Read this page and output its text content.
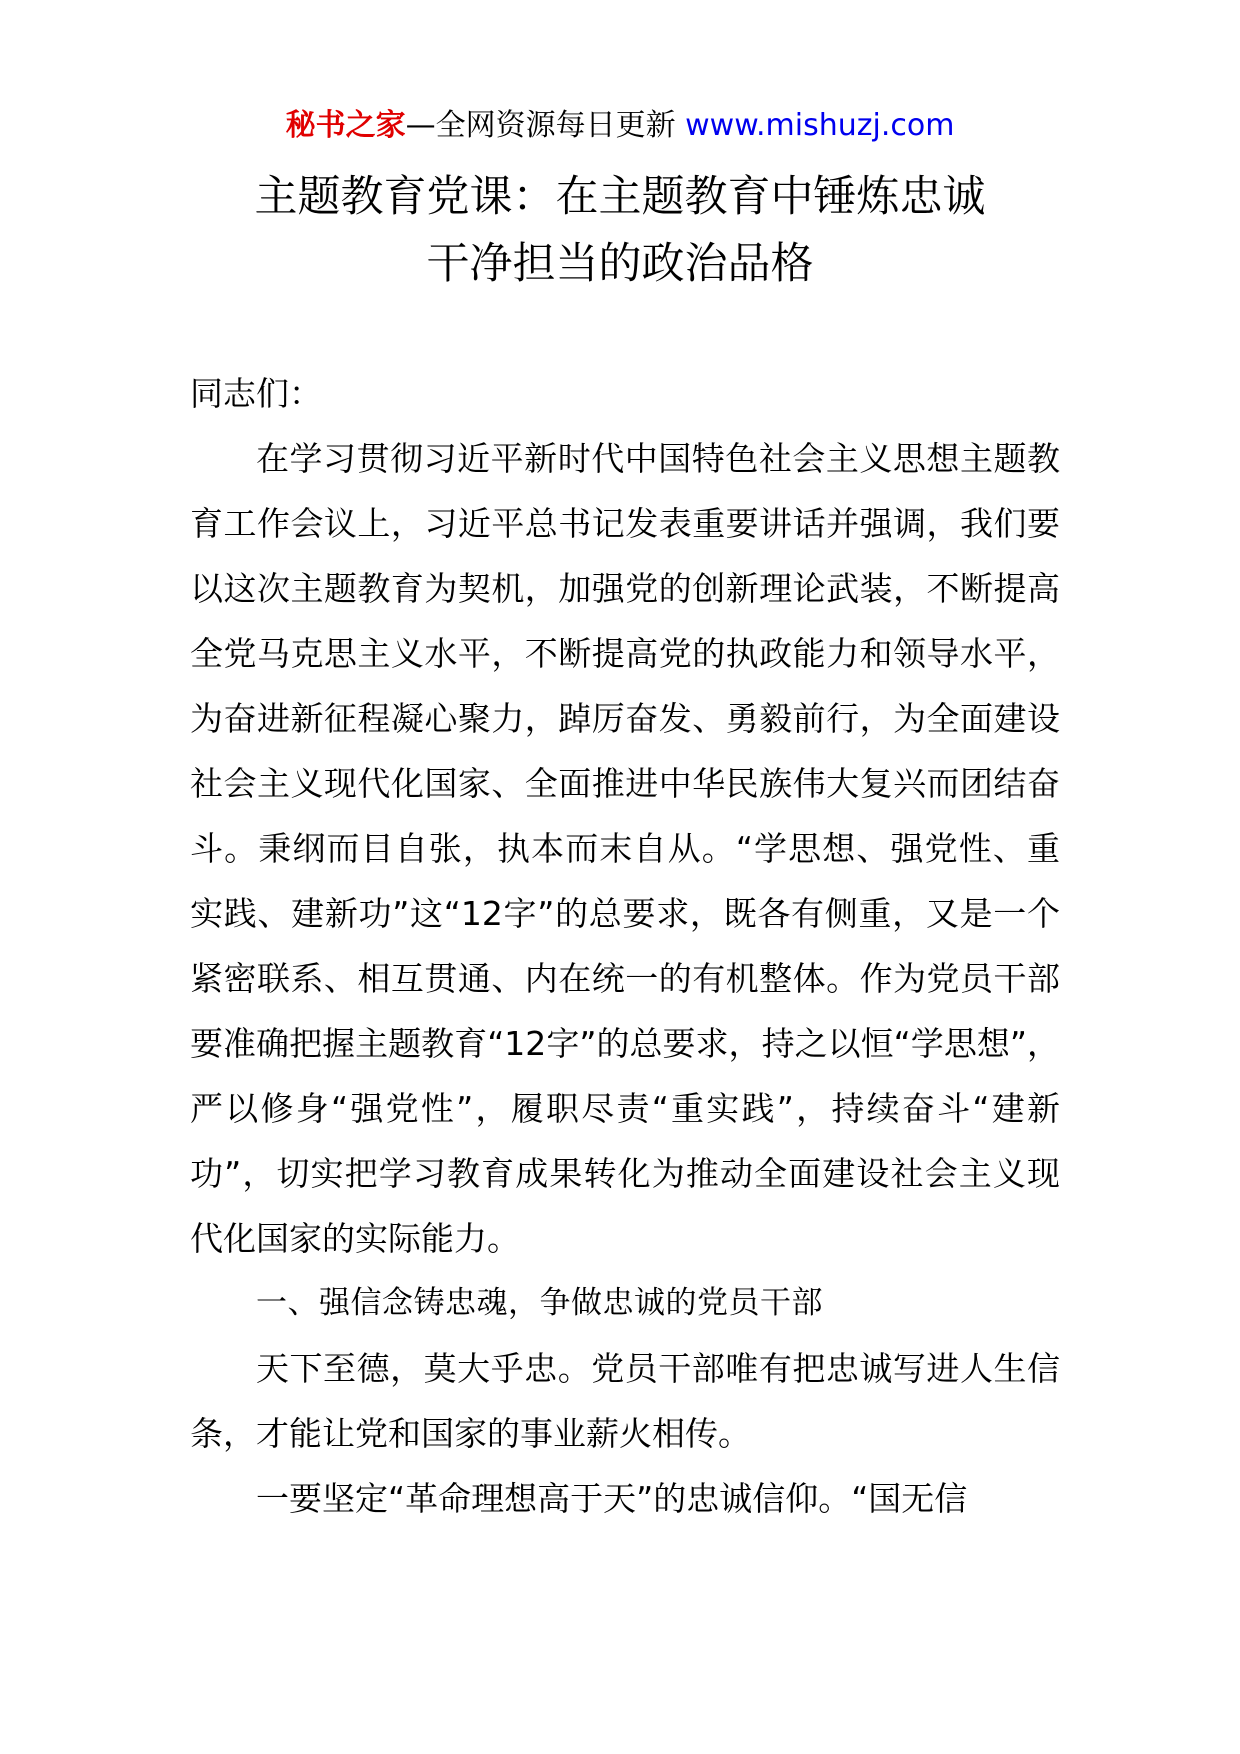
秘书之家—全网资源每日更新 www.mishuzj.com
主题教育党课：在主题教育中锤炼忠诚
干净担当的政治品格

同志们：

在学习贯彻习近平新时代中国特色社会主义思想主题教育工作会议上，习近平总书记发表重要讲话并强调，我们要以这次主题教育为契机，加强党的创新理论武装，不断提高全党马克思主义水平，不断提高党的执政能力和领导水平，为奋进新征程凝心聚力，踔厉奋发、勇毅前行，为全面建设社会主义现代化国家、全面推进中华民族伟大复兴而团结奋斗。秉纲而目自张，执本而末自从。“学思想、强党性、重实践、建新功”这“12字”的总要求，既各有侧重，又是一个紧密联系、相互贯通、内在统一的有机整体。作为党员干部要准确把握主题教育“12字”的总要求，持之以恒“学思想”，严以修身“强党性”，履职尽责“重实践”，持续奋斗“建新功”，切实把学习教育成果转化为推动全面建设社会主义现代化国家的实际能力。

一、强信念铸忠魂，争做忠诚的党员干部

天下至德，莫大乎忠。党员干部唯有把忠诚写进人生信条，才能让党和国家的事业薪火相传。

一要坚定“革命理想高于天”的忠诚信仰。“国无信
